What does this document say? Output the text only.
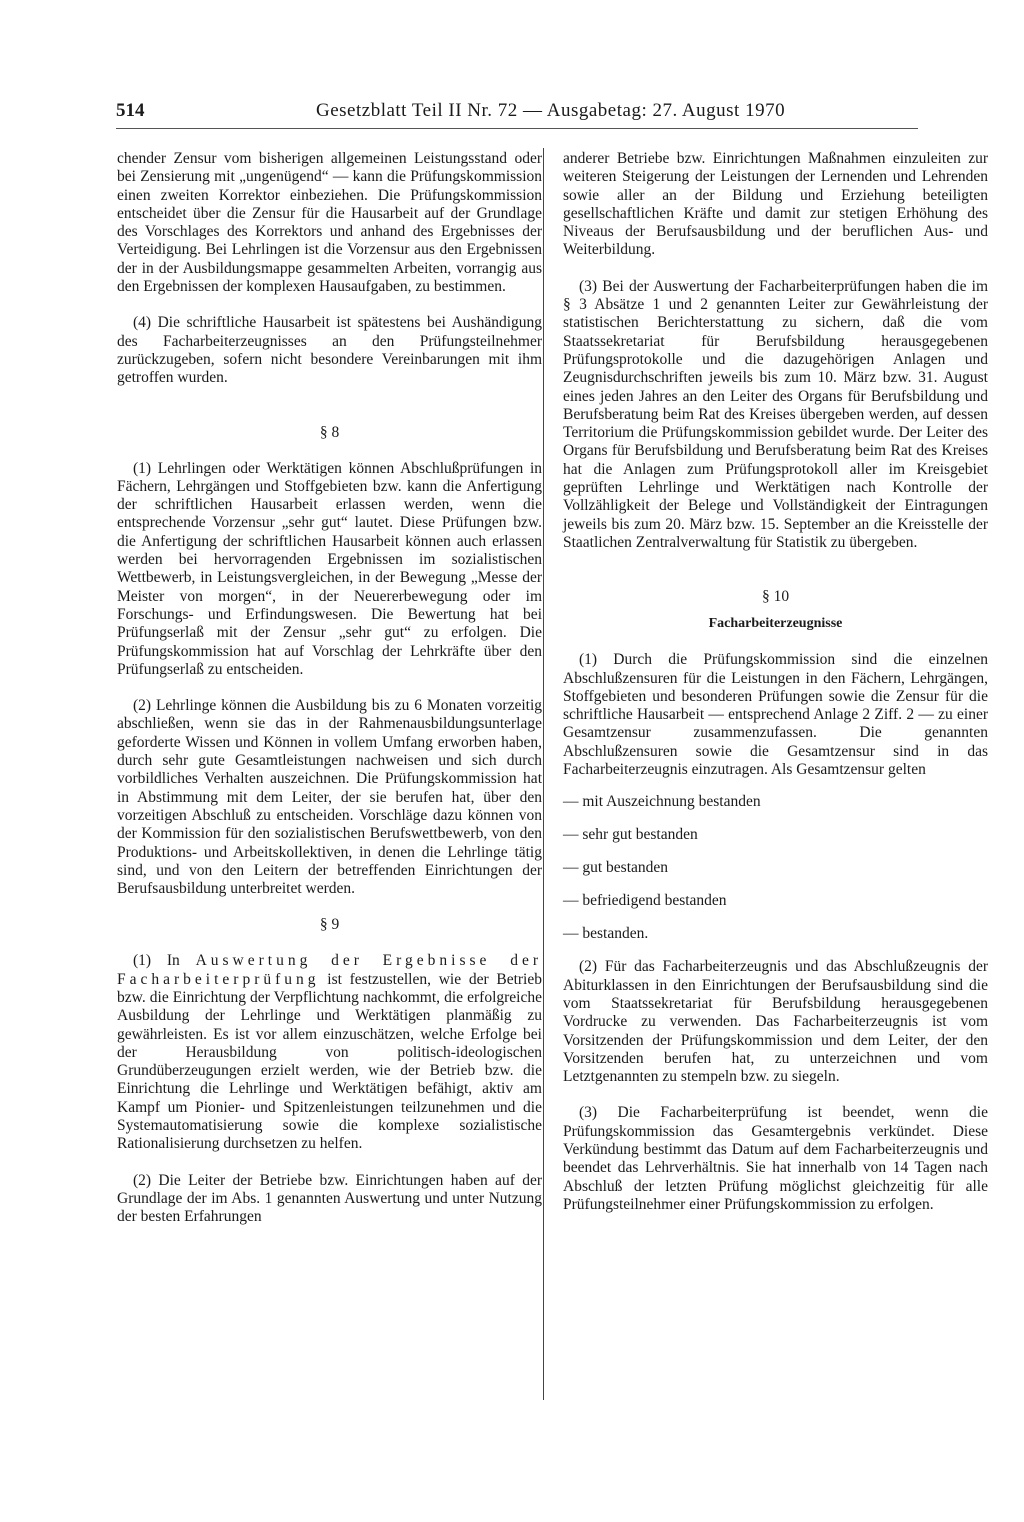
514	Gesetzblatt Teil II Nr. 72 — Ausgabetag: 27. August 1970

chender Zensur vom bisherigen allgemeinen Leistungsstand oder bei Zensierung mit „ungenügend“ — kann die Prüfungskommission einen zweiten Korrektor einbeziehen. Die Prüfungskommission entscheidet über die Zensur für die Hausarbeit auf der Grundlage des Vorschlages des Korrektors und anhand des Ergebnisses der Verteidigung. Bei Lehrlingen ist die Vorzensur aus den Ergebnissen der in der Ausbildungsmappe gesammelten Arbeiten, vorrangig aus den Ergebnissen der komplexen Hausaufgaben, zu bestimmen.

(4) Die schriftliche Hausarbeit ist spätestens bei Aushändigung des Facharbeiterzeugnisses an den Prüfungsteilnehmer zurückzugeben, sofern nicht besondere Vereinbarungen mit ihm getroffen wurden.

§ 8

(1) Lehrlingen oder Werktätigen können Abschlußprüfungen in Fächern, Lehrgängen und Stoffgebieten bzw. kann die Anfertigung der schriftlichen Hausarbeit erlassen werden, wenn die entsprechende Vorzensur „sehr gut“ lautet. Diese Prüfungen bzw. die Anfertigung der schriftlichen Hausarbeit können auch erlassen werden bei hervorragenden Ergebnissen im sozialistischen Wettbewerb, in Leistungsvergleichen, in der Bewegung „Messe der Meister von morgen“, in der Neuererbewegung oder im Forschungs- und Erfindungswesen. Die Bewertung hat bei Prüfungserlaß mit der Zensur „sehr gut“ zu erfolgen. Die Prüfungskommission hat auf Vorschlag der Lehrkräfte über den Prüfungserlaß zu entscheiden.

(2) Lehrlinge können die Ausbildung bis zu 6 Monaten vorzeitig abschließen, wenn sie das in der Rahmenausbildungsunterlage geforderte Wissen und Können in vollem Umfang erworben haben, durch sehr gute Gesamtleistungen nachweisen und sich durch vorbildliches Verhalten auszeichnen. Die Prüfungskommission hat in Abstimmung mit dem Leiter, der sie berufen hat, über den vorzeitigen Abschluß zu entscheiden. Vorschläge dazu können von der Kommission für den sozialistischen Berufswettbewerb, von den Produktions- und Arbeitskollektiven, in denen die Lehrlinge tätig sind, und von den Leitern der betreffenden Einrichtungen der Berufsausbildung unterbreitet werden.

§ 9

(1) In Auswertung der Ergebnisse der Facharbeiterprüfung ist festzustellen, wie der Betrieb bzw. die Einrichtung der Verpflichtung nachkommt, die erfolgreiche Ausbildung der Lehrlinge und Werktätigen planmäßig zu gewährleisten. Es ist vor allem einzuschätzen, welche Erfolge bei der Herausbildung von politisch-ideologischen Grundüberzeugungen erzielt werden, wie der Betrieb bzw. die Einrichtung die Lehrlinge und Werktätigen befähigt, aktiv am Kampf um Pionier- und Spitzenleistungen teilzunehmen und die Systemautomatisierung sowie die komplexe sozialistische Rationalisierung durchsetzen zu helfen.

(2) Die Leiter der Betriebe bzw. Einrichtungen haben auf der Grundlage der im Abs. 1 genannten Auswertung und unter Nutzung der besten Erfahrungen

anderer Betriebe bzw. Einrichtungen Maßnahmen einzuleiten zur weiteren Steigerung der Leistungen der Lernenden und Lehrenden sowie aller an der Bildung und Erziehung beteiligten gesellschaftlichen Kräfte und damit zur stetigen Erhöhung des Niveaus der Berufsausbildung und der beruflichen Aus- und Weiterbildung.

(3) Bei der Auswertung der Facharbeiterprüfungen haben die im § 3 Absätze 1 und 2 genannten Leiter zur Gewährleistung der statistischen Berichterstattung zu sichern, daß die vom Staatssekretariat für Berufsbildung herausgegebenen Prüfungsprotokolle und die dazugehörigen Anlagen und Zeugnisdurchschriften jeweils bis zum 10. März bzw. 31. August eines jeden Jahres an den Leiter des Organs für Berufsbildung und Berufsberatung beim Rat des Kreises übergeben werden, auf dessen Territorium die Prüfungskommission gebildet wurde. Der Leiter des Organs für Berufsbildung und Berufsberatung beim Rat des Kreises hat die Anlagen zum Prüfungsprotokoll aller im Kreisgebiet geprüften Lehrlinge und Werktätigen nach Kontrolle der Vollzähligkeit der Belege und Vollständigkeit der Eintragungen jeweils bis zum 20. März bzw. 15. September an die Kreisstelle der Staatlichen Zentralverwaltung für Statistik zu übergeben.

§ 10

Facharbeiterzeugnisse

(1) Durch die Prüfungskommission sind die einzelnen Abschlußzensuren für die Leistungen in den Fächern, Lehrgängen, Stoffgebieten und besonderen Prüfungen sowie die Zensur für die schriftliche Hausarbeit — entsprechend Anlage 2 Ziff. 2 — zu einer Gesamtzensur zusammenzufassen. Die genannten Abschlußzensuren sowie die Gesamtzensur sind in das Facharbeiterzeugnis einzutragen. Als Gesamtzensur gelten

— mit Auszeichnung bestanden
— sehr gut bestanden
— gut bestanden
— befriedigend bestanden
— bestanden.

(2) Für das Facharbeiterzeugnis und das Abschlußzeugnis der Abiturklassen in den Einrichtungen der Berufsausbildung sind die vom Staatssekretariat für Berufsbildung herausgegebenen Vordrucke zu verwenden. Das Facharbeiterzeugnis ist vom Vorsitzenden der Prüfungskommission und dem Leiter, der den Vorsitzenden berufen hat, zu unterzeichnen und vom Letztgenannten zu stempeln bzw. zu siegeln.

(3) Die Facharbeiterprüfung ist beendet, wenn die Prüfungskommission das Gesamtergebnis verkündet. Diese Verkündung bestimmt das Datum auf dem Facharbeiterzeugnis und beendet das Lehrverhältnis. Sie hat innerhalb von 14 Tagen nach Abschluß der letzten Prüfung möglichst gleichzeitig für alle Prüfungsteilnehmer einer Prüfungskommission zu erfolgen.
